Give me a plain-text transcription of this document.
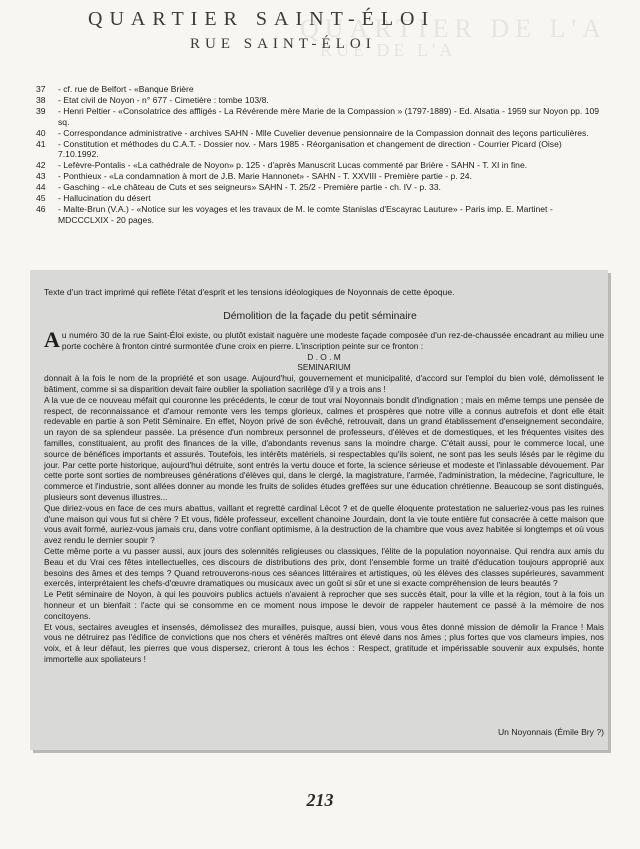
QUARTIER DE L'A
RUE DE L'A
QUARTIER SAINT-ÉLOI
RUE SAINT-ÉLOI
37	- cf. rue de Belfort - «Banque Brière
38	- Etat civil de Noyon - n° 677 - Cimetière : tombe 103/8.
39	- Henri Peltier - «Consolatrice des affligés - La Révérende mère Marie de la Compassion » (1797-1889) - Ed. Alsatia - 1959 sur Noyon pp. 109 sq.
40	- Correspondance administrative - archives SAHN - Mlle Cuvelier devenue pensionnaire de la Compassion donnait des leçons particulières.
41	- Constitution et méthodes du C.A.T. - Dossier nov. - Mars 1985 - Réorganisation et changement de direction - Courrier Picard (Oise) 7.10.1992.
42	- Lefèvre-Pontalis - «La cathédrale de Noyon» p. 125 - d'après Manuscrit Lucas commenté par Brière - SAHN - T. XI in fine.
43	- Ponthieux - «La condamnation à mort de J.B. Marie Hannonet» - SAHN - T. XXVIII - Première partie - p. 24.
44	- Gasching - «Le château de Cuts et ses seigneurs» SAHN - T. 25/2 - Première partie - ch. IV - p. 33.
45	- Hallucination du désert
46	- Malte-Brun (V.A.) - «Notice sur les voyages et les travaux de M. le comte Stanislas d'Escayrac Lauture» - Paris imp. E. Martinet - MDCCCLXIX - 20 pages.
Texte d'un tract imprimé qui reflète l'état d'esprit et les tensions idéologiques de Noyonnais de cette époque.
Démolition de la façade du petit séminaire

Au numéro 30 de la rue Saint-Éloi existe, ou plutôt existait naguère une modeste façade composée d'un rez-de-chaussée encadrant au milieu une porte cochère à fronton cintré surmontée d'une croix en pierre. L'inscription peinte sur ce fronton :

D . O . M

SEMINARIUM

donnait à la fois le nom de la propriété et son usage. Aujourd'hui, gouvernement et municipalité, d'accord sur l'emploi du bien volé, démolissent le bâtiment, comme si sa disparition devait faire oublier la spoliation sacrilège d'il y a trois ans !

A la vue de ce nouveau méfait qui couronne les précédents, le cœur de tout vrai Noyonnais bondit d'indignation ; mais en même temps une pensée de respect, de reconnaissance et d'amour remonte vers les temps glorieux, calmes et prospères que notre ville a connus autrefois et dont elle était redevable en partie à son Petit Séminaire. En effet, Noyon privé de son évêché, retrouvait, dans un grand établissement d'enseignement secondaire, un rayon de sa splendeur passée. La présence d'un nombreux personnel de professeurs, d'élèves et de domestiques, et les fréquentes visites des familles, constituaient, au profit des finances de la ville, d'abondants revenus sans la moindre charge. C'était aussi, pour le commerce local, une source de bénéfices importants et assurés. Toutefois, les intérêts matériels, si respectables qu'ils soient, ne sont pas les seuls lésés par le régime du jour. Par cette porte historique, aujourd'hui détruite, sont entrés la vertu douce et forte, la science sérieuse et modeste et l'inlassable dévouement. Par cette porte sont sorties de nombreuses générations d'élèves qui, dans le clergé, la magistrature, l'armée, l'administration, la médecine, l'agriculture, le commerce et l'industrie, sont allées donner au monde les fruits de solides études greffées sur une éducation chrétienne. Beaucoup se sont distingués, plusieurs sont devenus illustres...

Que diriez-vous en face de ces murs abattus, vaillant et regretté cardinal Lécot ? et de quelle éloquente protestation ne salueriez-vous pas les ruines d'une maison qui vous fut si chère ? Et vous, fidèle professeur, excellent chanoine Jourdain, dont la vie toute entière fut consacrée à cette maison que vous avait formé, auriez-vous jamais cru, dans votre confiant optimisme, à la destruction de la chambre que vous avez habitée si longtemps et où vous avez rendu le dernier soupir ?

Cette même porte a vu passer aussi, aux jours des solennités religieuses ou classiques, l'élite de la population noyonnaise. Qui rendra aux amis du Beau et du Vrai ces fêtes intellectuelles, ces discours de distributions des prix, dont l'ensemble forme un traité d'éducation toujours approprié aux besoins des âmes et des temps ? Quand retrouverons-nous ces séances littéraires et artistiques, où les élèves des classes supérieures, savamment exercés, interprétaient les chefs-d'œuvre dramatiques ou musicaux avec un goût si sûr et une si exacte compréhension de leurs beautés ?

Le Petit séminaire de Noyon, à qui les pouvoirs publics actuels n'avaient à reprocher que ses succès était, pour la ville et la région, tout à la fois un honneur et un bienfait : l'acte qui se consomme en ce moment nous impose le devoir de rappeler hautement ce passé à la mémoire de nos concitoyens.

Et vous, sectaires aveugles et insensés, démolissez des murailles, puisque, aussi bien, vous vous êtes donné mission de démolir la France ! Mais vous ne détruirez pas l'édifice de convictions que nos chers et vénérés maîtres ont élevé dans nos âmes ; plus fortes que vos clameurs impies, nos voix, et à leur défaut, les pierres que vous dispersez, crieront à tous les échos : Respect, gratitude et impérissable souvenir aux expulsés, honte immortelle aux spoliateurs !

Un Noyonnais (Émile Bry ?)
213
